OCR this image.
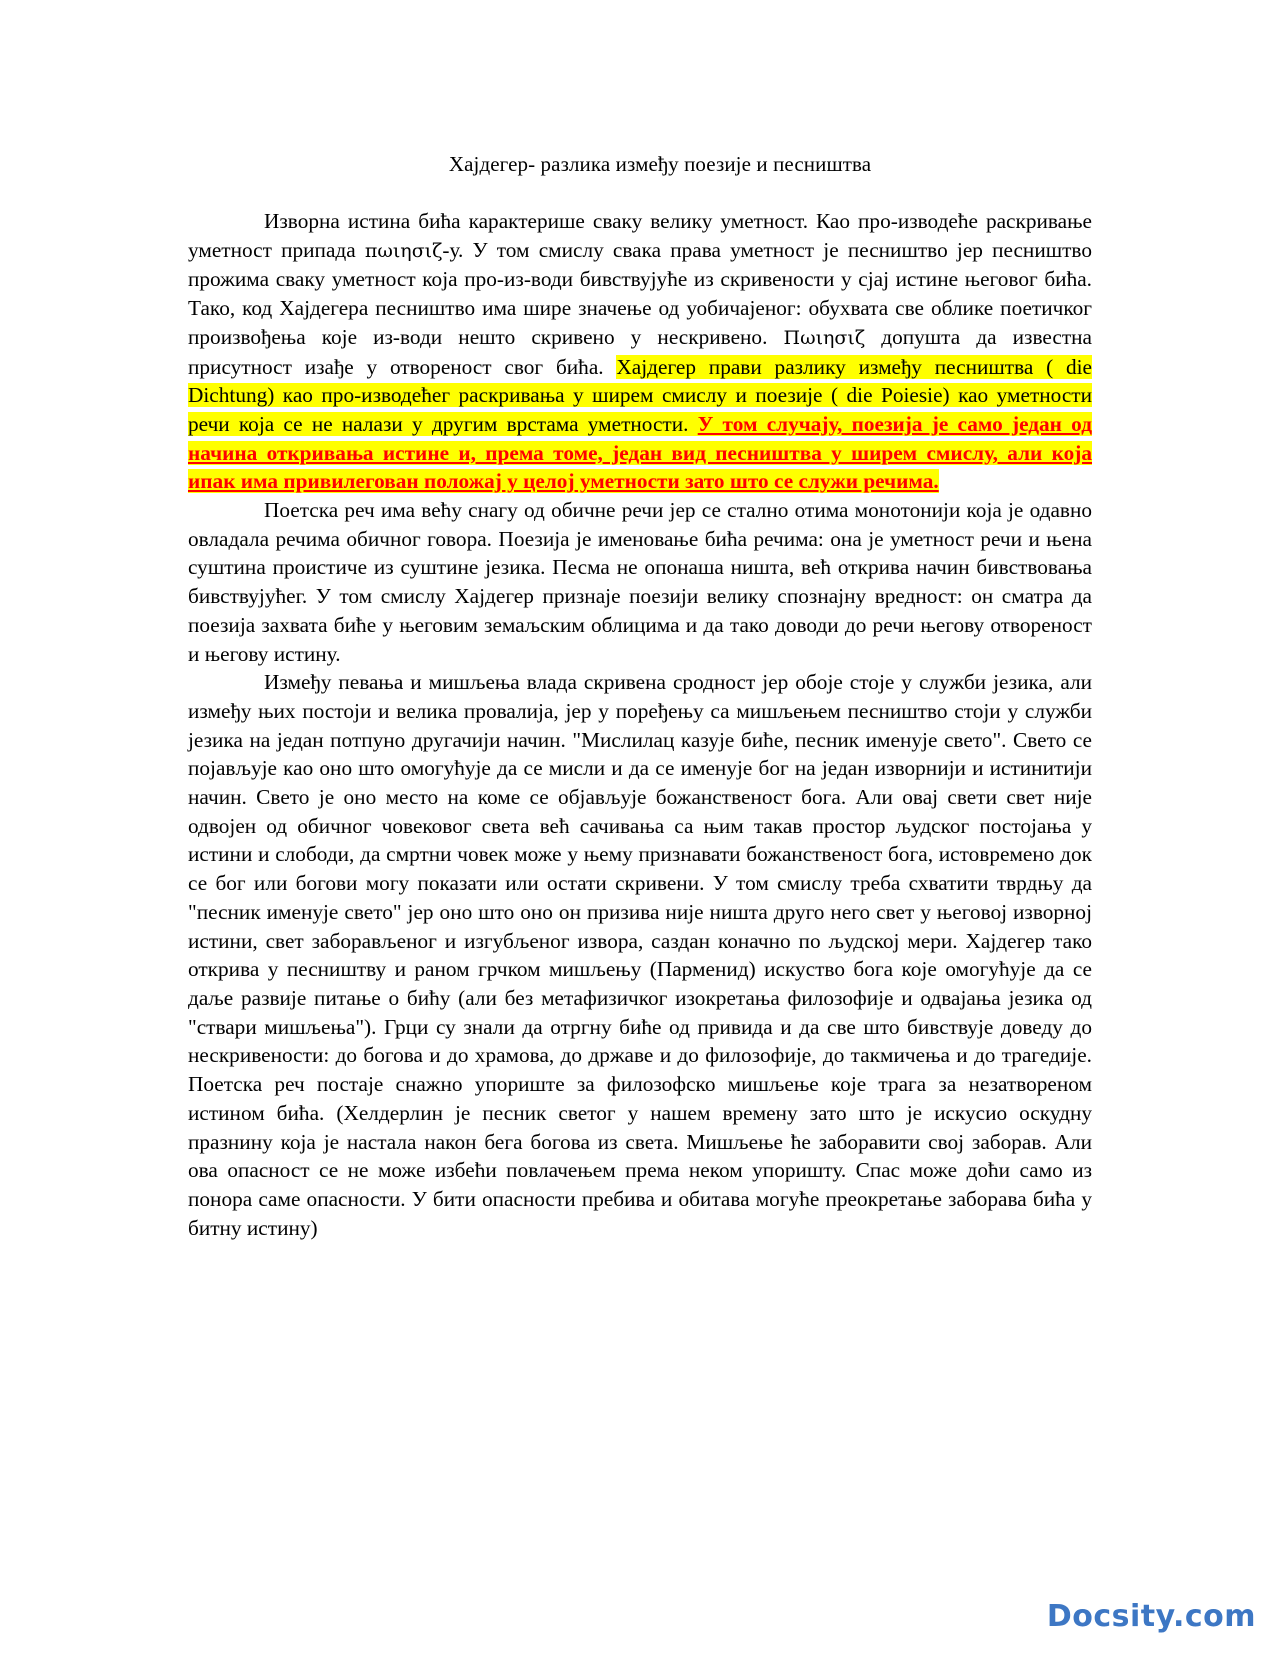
Хајдегер- разлика између поезије и песништва

Изворна истина бића карактерише сваку велику уметност. Као про-изводеће раскривање уметност припада πωιησιζ-у. У том смислу свака права уметност је песништво јер песништво прожима сваку уметност која про-из-води бивствујуће из скривености у сјај истине његовог бића. Тако, код Хајдегера песништво има шире значење од уобичајеног: обухвата све облике поетичког произвођења које из-води нешто скривено у нескривено. Πωιησιζ допушта да известна присутност изађе у отвореност свог бића. Хајдегер прави разлику између песништва ( die Dichtung) као про-изводећег раскривања у ширем смислу и поезије ( die Poiesie) као уметности речи која се не налази у другим врстама уметности. У том случају, поезија је само један од начина откривања истине и, према томе, један вид песништва у ширем смислу, али која ипак има привилегован положај у целој уметности зато што се служи речима.

Поетска реч има већу снагу од обичне речи јер се стално отима монотонији која је одавно овладала речима обичног говора. Поезија је именовање бића речима: она је уметност речи и њена суштина проистиче из суштине језика. Песма не опонаша ништа, већ открива начин бивствовања бивствујућег. У том смислу Хајдегер признаје поезији велику спознајну вредност: он сматра да поезија захвата биће у његовим земаљским облицима и да тако доводи до речи његову отвореност и његову истину.

Између певања и мишљења влада скривена сродност јер обоје стоје у служби језика, али између њих постоји и велика провалија, јер у поређењу са мишљењем песништво стоји у служби језика на један потпуно другачији начин. "Мислилац казује биће, песник именује свето". Свето се појављује као оно што омогућује да се мисли и да се именује бог на један изворнији и истинитији начин. Свето је оно место на коме се објављује божанственост бога. Али овај свети свет није одвојен од обичног човековог света већ сачивања са њим такав простор људског постојања у истини и слободи, да смртни човек може у њему признавати божанственост бога, истовремено док се бог или богови могу показати или остати скривени. У том смислу треба схватити тврдњу да "песник именује свето" јер оно што оно он призива није ништа друго него свет у његовој изворној истини, свет заборављеног и изгубљеног извора, саздан коначно по људској мери. Хајдегер тако открива у песништву и раном грчком мишљењу (Парменид) искуство бога које омогућује да се даље развије питање о бићу (али без метафизичког изокретања филозофије и одвајања језика од "ствари мишљења"). Грци су знали да отргну биће од привида и да све што бивствује доведу до нескривености: до богова и до храмова, до државе и до филозофије, до такмичења и до трагедије. Поетска реч постаје снажно упориште за филозофско мишљење које трага за незатвореном истином бића. (Хелдерлин је песник светог у нашем времену зато што је искусио оскудну празнину која је настала након бега богова из света. Мишљење ће заборавити свој заборав. Али ова опасност се не може избећи повлачењем према неком упоришту. Спас може доћи само из понора саме опасности. У бити опасности пребива и обитава могуће преокретање заборава бића у битну истину)

Docsity.com
